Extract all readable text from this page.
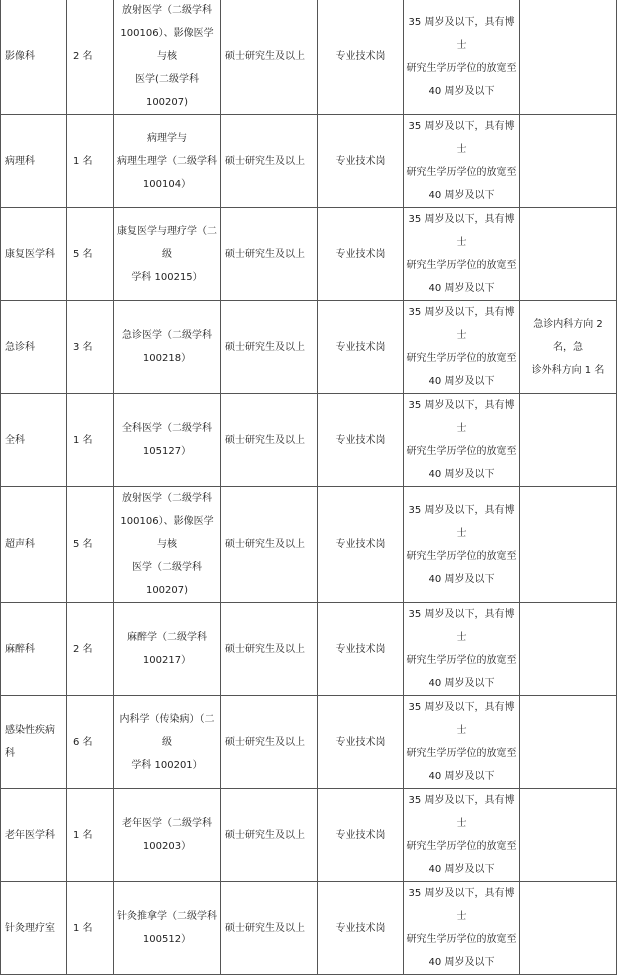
影像科	2 名	放射医学（二级学科
100106）、影像医学与核
医学(二级学科 100207)	硕士研究生及以上	专业技术岗	35 周岁及以下，具有博士
研究生学历学位的放宽至
40 周岁及以下	

病理科	1 名	病理学与
病理生理学（二级学科
100104）	硕士研究生及以上	专业技术岗	35 周岁及以下，具有博士
研究生学历学位的放宽至
40 周岁及以下	

康复医学科	5 名	康复医学与理疗学（二级
学科 100215）	硕士研究生及以上	专业技术岗	35 周岁及以下，具有博士
研究生学历学位的放宽至
40 周岁及以下	

急诊科	3 名	急诊医学（二级学科
100218）	硕士研究生及以上	专业技术岗	35 周岁及以下，具有博士
研究生学历学位的放宽至
40 周岁及以下	急诊内科方向 2 名，急
诊外科方向 1 名

全科	1 名	全科医学（二级学科
105127）	硕士研究生及以上	专业技术岗	35 周岁及以下，具有博士
研究生学历学位的放宽至
40 周岁及以下	

超声科	5 名	放射医学（二级学科
100106）、影像医学与核
医学（二级学科 100207)	硕士研究生及以上	专业技术岗	35 周岁及以下，具有博士
研究生学历学位的放宽至
40 周岁及以下	

麻醉科	2 名	麻醉学（二级学科
100217）	硕士研究生及以上	专业技术岗	35 周岁及以下，具有博士
研究生学历学位的放宽至
40 周岁及以下	

感染性疾病科	6 名	内科学（传染病）（二级
学科 100201）	硕士研究生及以上	专业技术岗	35 周岁及以下，具有博士
研究生学历学位的放宽至
40 周岁及以下	

老年医学科	1 名	老年医学（二级学科
100203）	硕士研究生及以上	专业技术岗	35 周岁及以下，具有博士
研究生学历学位的放宽至
40 周岁及以下	

针灸理疗室	1 名	针灸推拿学（二级学科
100512）	硕士研究生及以上	专业技术岗	35 周岁及以下，具有博士
研究生学历学位的放宽至
40 周岁及以下	
